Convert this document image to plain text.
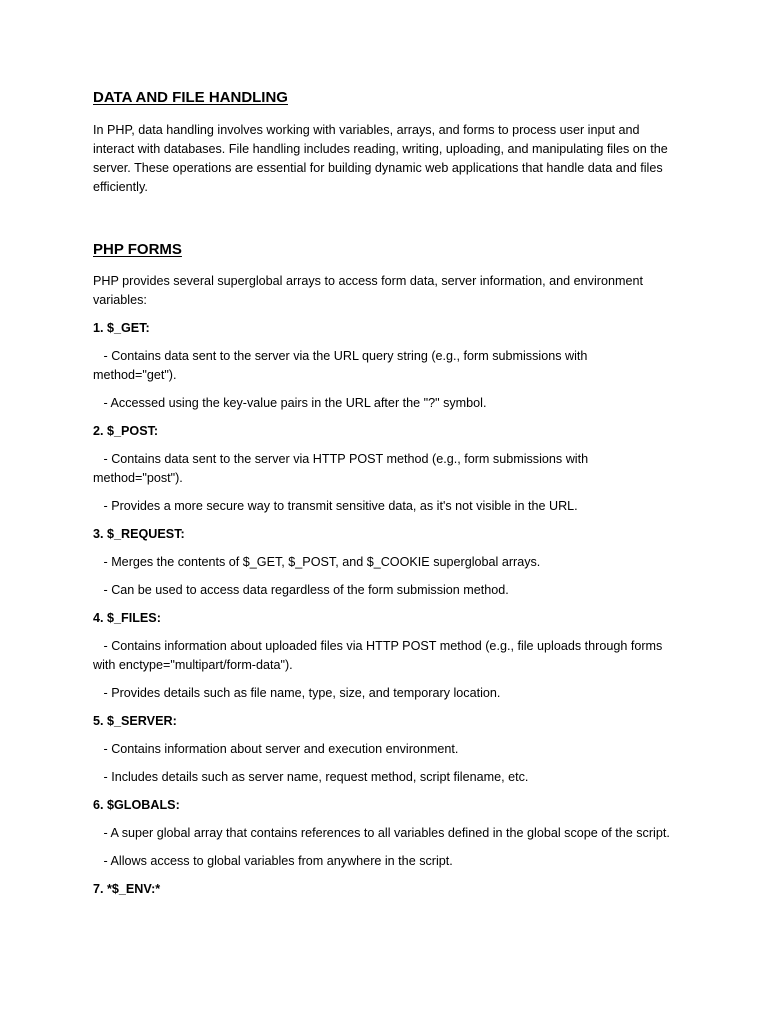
DATA AND FILE HANDLING

In PHP, data handling involves working with variables, arrays, and forms to process user input and interact with databases. File handling includes reading, writing, uploading, and manipulating files on the server. These operations are essential for building dynamic web applications that handle data and files efficiently.

PHP FORMS

PHP provides several superglobal arrays to access form data, server information, and environment variables:

1. $_GET:

- Contains data sent to the server via the URL query string (e.g., form submissions with method="get").

- Accessed using the key-value pairs in the URL after the "?" symbol.

2. $_POST:

- Contains data sent to the server via HTTP POST method (e.g., form submissions with method="post").

- Provides a more secure way to transmit sensitive data, as it's not visible in the URL.

3. $_REQUEST:

- Merges the contents of $_GET, $_POST, and $_COOKIE superglobal arrays.

- Can be used to access data regardless of the form submission method.

4. $_FILES:

- Contains information about uploaded files via HTTP POST method (e.g., file uploads through forms with enctype="multipart/form-data").

- Provides details such as file name, type, size, and temporary location.

5. $_SERVER:

- Contains information about server and execution environment.

- Includes details such as server name, request method, script filename, etc.

6. $GLOBALS:

- A super global array that contains references to all variables defined in the global scope of the script.

- Allows access to global variables from anywhere in the script.

7. *$_ENV:*
